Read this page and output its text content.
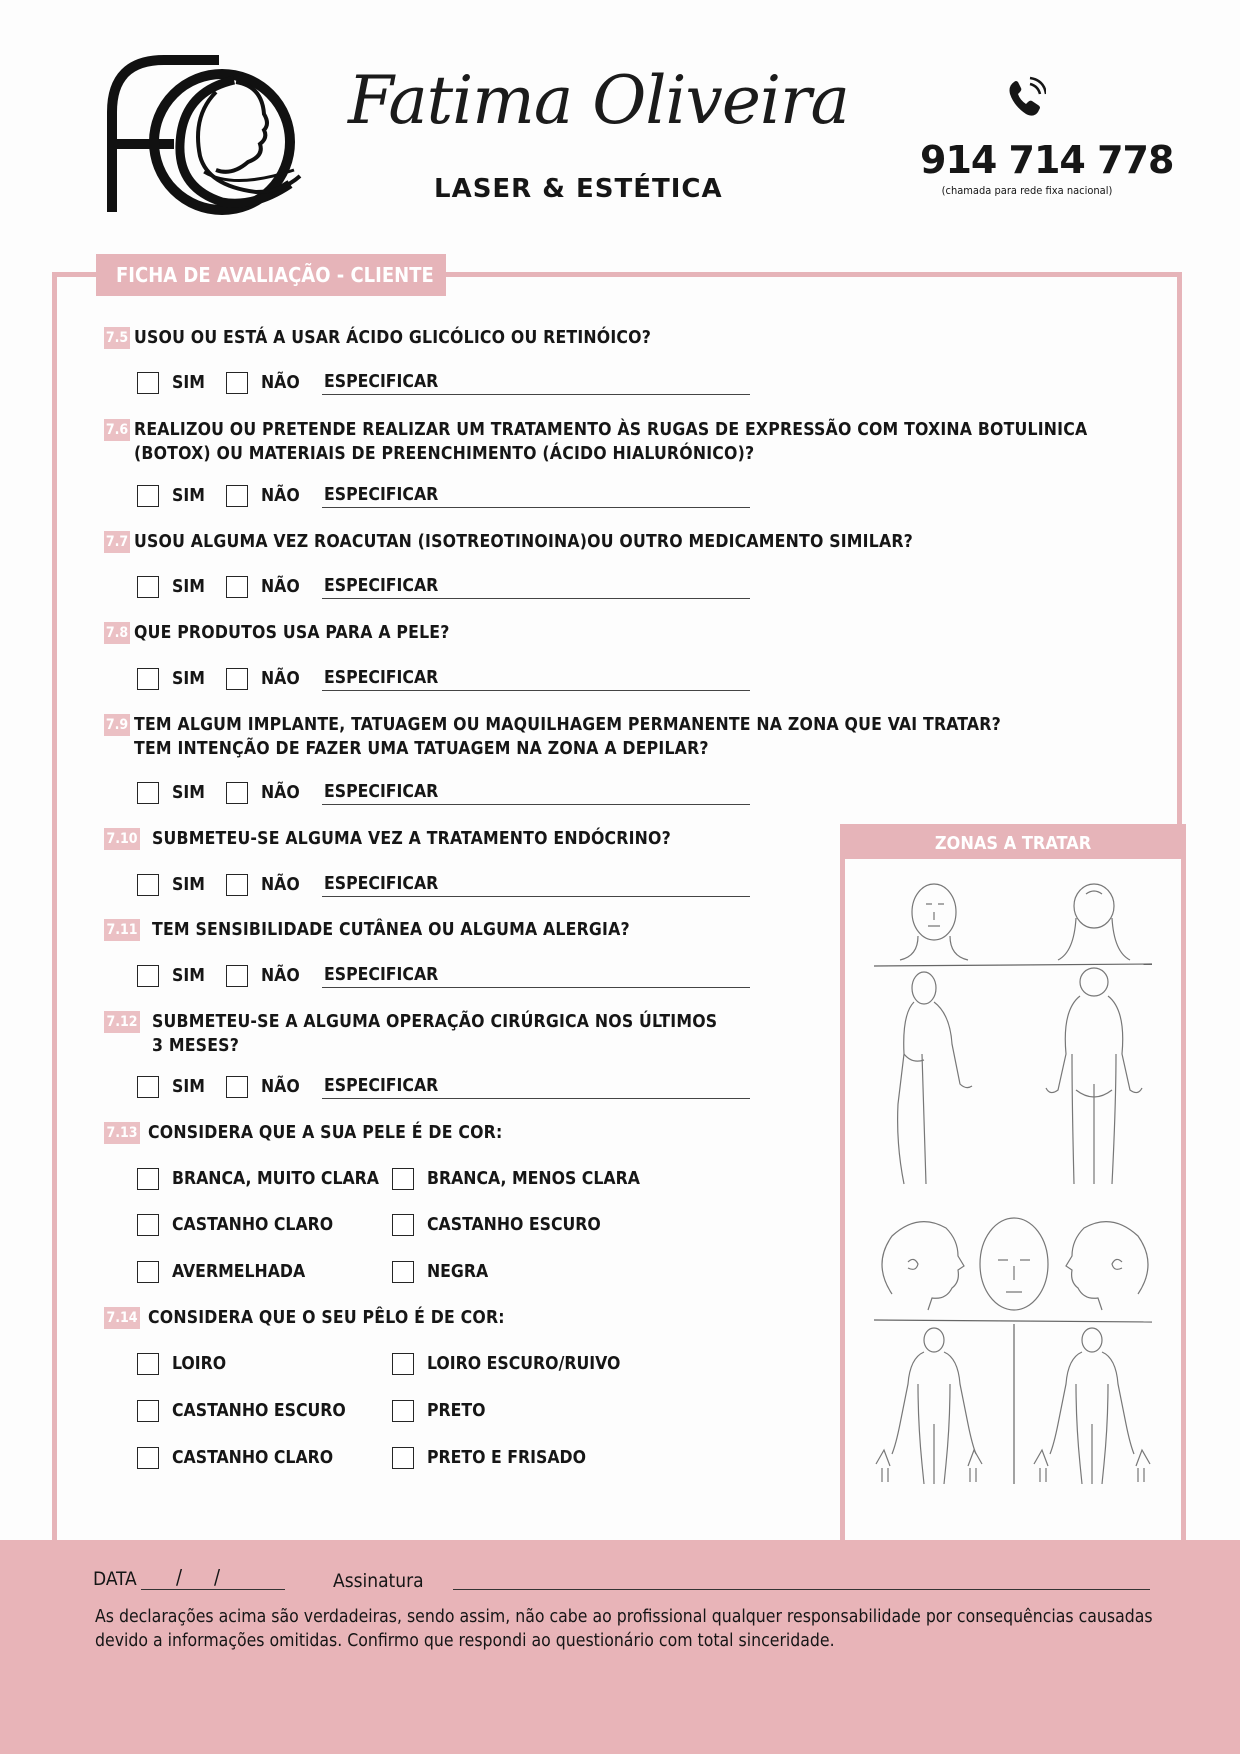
Fatima Oliveira
LASER & ESTÉTICA
914 714 778
(chamada para rede fixa nacional)
FICHA DE AVALIAÇÃO - CLIENTE
7.5 USOU OU ESTÁ A USAR ÁCIDO GLICÓLICO OU RETINÓICO?
SIM	NÃO ESPECIFICAR
7.6 REALIZOU OU PRETENDE REALIZAR UM TRATAMENTO ÀS RUGAS DE EXPRESSÃO COM TOXINA BOTULINICA
(BOTOX) OU MATERIAIS DE PREENCHIMENTO (ÁCIDO HIALURÓNICO)?
SIM	NÃO ESPECIFICAR
7.7 USOU ALGUMA VEZ ROACUTAN (ISOTREOTINOINA)OU OUTRO MEDICAMENTO SIMILAR?
SIM	NÃO ESPECIFICAR
7.8 QUE PRODUTOS USA PARA A PELE?
SIM	NÃO ESPECIFICAR
7.9 TEM ALGUM IMPLANTE, TATUAGEM OU MAQUILHAGEM PERMANENTE NA ZONA QUE VAI TRATAR?
TEM INTENÇÃO DE FAZER UMA TATUAGEM NA ZONA A DEPILAR?
SIM	NÃO ESPECIFICAR
7.10 SUBMETEU-SE ALGUMA VEZ A TRATAMENTO ENDÓCRINO?
SIM	NÃO ESPECIFICAR
7.11 TEM SENSIBILIDADE CUTÂNEA OU ALGUMA ALERGIA?
SIM	NÃO ESPECIFICAR
7.12 SUBMETEU-SE A ALGUMA OPERAÇÃO CIRÚRGICA NOS ÚLTIMOS
3 MESES?
SIM	NÃO ESPECIFICAR
7.13 CONSIDERA QUE A SUA PELE É DE COR:
BRANCA, MUITO CLARA	BRANCA, MENOS CLARA
CASTANHO CLARO	CASTANHO ESCURO
AVERMELHADA	NEGRA
7.14 CONSIDERA QUE O SEU PÊLO É DE COR:
LOIRO	LOIRO ESCURO/RUIVO
CASTANHO ESCURO	PRETO
CASTANHO CLARO	PRETO E FRISADO
ZONAS A TRATAR
DATA / /	Assinatura
As declarações acima são verdadeiras, sendo assim, não cabe ao profissional qualquer responsabilidade por consequências causadas devido a informações omitidas. Confirmo que respondi ao questionário com total sinceridade.
